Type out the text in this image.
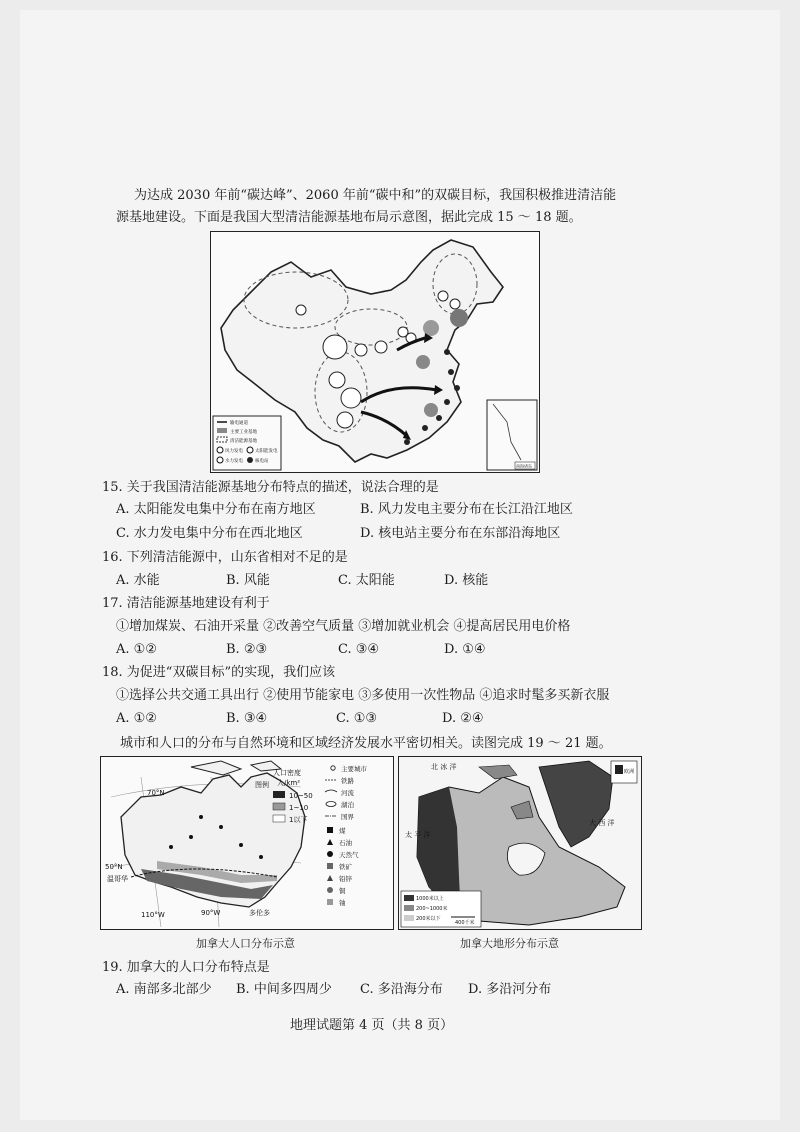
为达成 2030 年前“碳达峰”、2060 年前“碳中和”的双碳目标，我国积极推进清洁能
源基地建设。下面是我国大型清洁能源基地布局示意图，据此完成 15 ～ 18 题。
输电通道
主要工业基地
清洁能源基地
风力发电	太阳能发电
水力发电	核电站
南海诸岛
15. 关于我国清洁能源基地分布特点的描述，说法合理的是
A. 太阳能发电集中分布在南方地区	B. 风力发电主要分布在长江沿江地区
C. 水力发电集中分布在西北地区	D. 核电站主要分布在东部沿海地区
16. 下列清洁能源中，山东省相对不足的是
A. 水能	B. 风能	C. 太阳能	D. 核能
17. 清洁能源基地建设有利于
①增加煤炭、石油开采量 ②改善空气质量 ③增加就业机会 ④提高居民用电价格
A. ①②	B. ②③	C. ③④	D. ①④
18. 为促进“双碳目标”的实现，我们应该
①选择公共交通工具出行 ②使用节能家电 ③多使用一次性物品 ④追求时髦多买新衣服
A. ①②	B. ③④	C. ①③	D. ②④
城市和人口的分布与自然环境和区域经济发展水平密切相关。读图完成 19 ～ 21 题。
70°N
50°N
110°W	90°W
温哥华
多伦多
图例
人口密度
人/km²
10~50
1~10
1以下
主要城市
铁路
河流
湖泊
国界
煤
石油
天然气
铁矿
铅锌
铜
铀
加拿大人口分布示意
欧洲
北 冰 洋
太 平 洋
大 西 洋
1000米以上
200~1000米
200米以下
400千米
加拿大地形分布示意
19. 加拿大的人口分布特点是
A. 南部多北部少 B. 中间多四周少 C. 多沿海分布 D. 多沿河分布
地理试题第 4 页（共 8 页）
